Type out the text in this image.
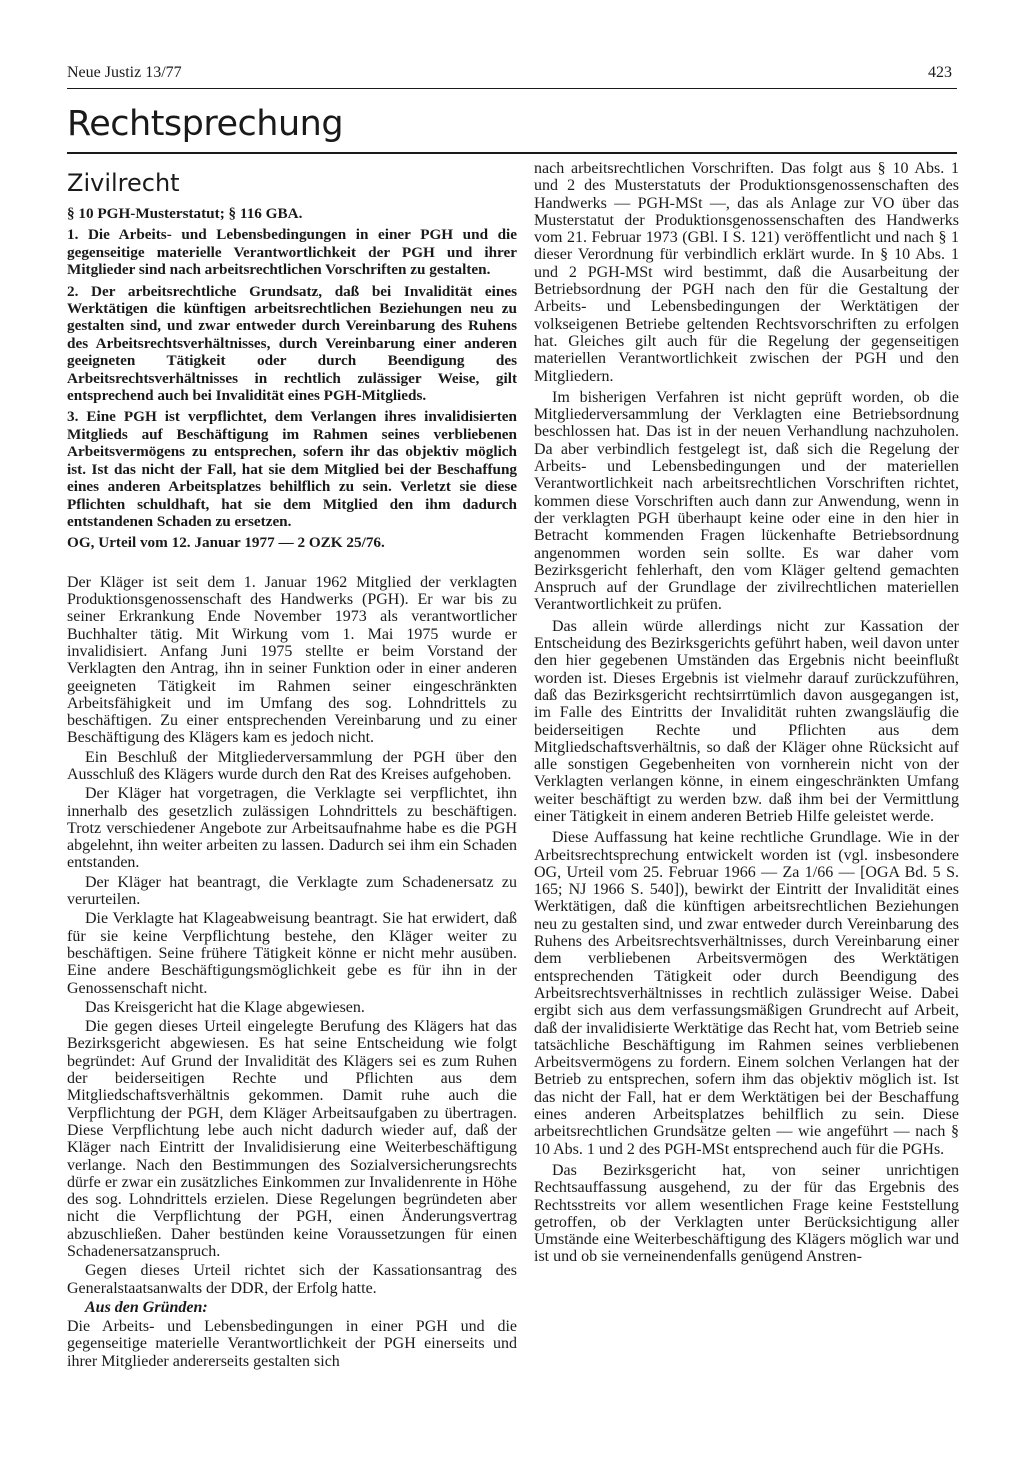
Neue Justiz 13/77	423
Rechtsprechung
Zivilrecht

§ 10 PGH-Musterstatut; § 116 GBA.

1. Die Arbeits- und Lebensbedingungen in einer PGH und die gegenseitige materielle Verantwortlichkeit der PGH und ihrer Mitglieder sind nach arbeitsrechtlichen Vorschriften zu gestalten.

2. Der arbeitsrechtliche Grundsatz, daß bei Invalidität eines Werktätigen die künftigen arbeitsrechtlichen Beziehungen neu zu gestalten sind, und zwar entweder durch Vereinbarung des Ruhens des Arbeitsrechtsverhältnisses, durch Vereinbarung einer anderen geeigneten Tätigkeit oder durch Beendigung des Arbeitsrechtsverhältnisses in rechtlich zulässiger Weise, gilt entsprechend auch bei Invalidität eines PGH-Mitglieds.

3. Eine PGH ist verpflichtet, dem Verlangen ihres invalidisierten Mitglieds auf Beschäftigung im Rahmen seines verbliebenen Arbeitsvermögens zu entsprechen, sofern ihr das objektiv möglich ist. Ist das nicht der Fall, hat sie dem Mitglied bei der Beschaffung eines anderen Arbeitsplatzes behilflich zu sein. Verletzt sie diese Pflichten schuldhaft, hat sie dem Mitglied den ihm dadurch entstandenen Schaden zu ersetzen.

OG, Urteil vom 12. Januar 1977 — 2 OZK 25/76.

Der Kläger ist seit dem 1. Januar 1962 Mitglied der verklagten Produktionsgenossenschaft des Handwerks (PGH). Er war bis zu seiner Erkrankung Ende November 1973 als verantwortlicher Buchhalter tätig. Mit Wirkung vom 1. Mai 1975 wurde er invalidisiert. Anfang Juni 1975 stellte er beim Vorstand der Verklagten den Antrag, ihn in seiner Funktion oder in einer anderen geeigneten Tätigkeit im Rahmen seiner eingeschränkten Arbeitsfähigkeit und im Umfang des sog. Lohndrittels zu beschäftigen. Zu einer entsprechenden Vereinbarung und zu einer Beschäftigung des Klägers kam es jedoch nicht.

Ein Beschluß der Mitgliederversammlung der PGH über den Ausschluß des Klägers wurde durch den Rat des Kreises aufgehoben.

Der Kläger hat vorgetragen, die Verklagte sei verpflichtet, ihn innerhalb des gesetzlich zulässigen Lohndrittels zu beschäftigen. Trotz verschiedener Angebote zur Arbeitsaufnahme habe es die PGH abgelehnt, ihn weiter arbeiten zu lassen. Dadurch sei ihm ein Schaden entstanden.

Der Kläger hat beantragt, die Verklagte zum Schadenersatz zu verurteilen.

Die Verklagte hat Klageabweisung beantragt. Sie hat erwidert, daß für sie keine Verpflichtung bestehe, den Kläger weiter zu beschäftigen. Seine frühere Tätigkeit könne er nicht mehr ausüben. Eine andere Beschäftigungsmöglichkeit gebe es für ihn in der Genossenschaft nicht.

Das Kreisgericht hat die Klage abgewiesen.

Die gegen dieses Urteil eingelegte Berufung des Klägers hat das Bezirksgericht abgewiesen. Es hat seine Entscheidung wie folgt begründet: Auf Grund der Invalidität des Klägers sei es zum Ruhen der beiderseitigen Rechte und Pflichten aus dem Mitgliedschaftsverhältnis gekommen. Damit ruhe auch die Verpflichtung der PGH, dem Kläger Arbeitsaufgaben zu übertragen. Diese Verpflichtung lebe auch nicht dadurch wieder auf, daß der Kläger nach Eintritt der Invalidisierung eine Weiterbeschäftigung verlange. Nach den Bestimmungen des Sozialversicherungsrechts dürfe er zwar ein zusätzliches Einkommen zur Invalidenrente in Höhe des sog. Lohndrittels erzielen. Diese Regelungen begründeten aber nicht die Verpflichtung der PGH, einen Änderungsvertrag abzuschließen. Daher bestünden keine Voraussetzungen für einen Schadenersatzanspruch.

Gegen dieses Urteil richtet sich der Kassationsantrag des Generalstaatsanwalts der DDR, der Erfolg hatte.

Aus den Gründen:

Die Arbeits- und Lebensbedingungen in einer PGH und die gegenseitige materielle Verantwortlichkeit der PGH einerseits und ihrer Mitglieder andererseits gestalten sich

nach arbeitsrechtlichen Vorschriften. Das folgt aus § 10 Abs. 1 und 2 des Musterstatuts der Produktionsgenossenschaften des Handwerks — PGH-MSt —, das als Anlage zur VO über das Musterstatut der Produktionsgenossenschaften des Handwerks vom 21. Februar 1973 (GBl. I S. 121) veröffentlicht und nach § 1 dieser Verordnung für verbindlich erklärt wurde. In § 10 Abs. 1 und 2 PGH-MSt wird bestimmt, daß die Ausarbeitung der Betriebsordnung der PGH nach den für die Gestaltung der Arbeits- und Lebensbedingungen der Werktätigen der volkseigenen Betriebe geltenden Rechtsvorschriften zu erfolgen hat. Gleiches gilt auch für die Regelung der gegenseitigen materiellen Verantwortlichkeit zwischen der PGH und den Mitgliedern.

Im bisherigen Verfahren ist nicht geprüft worden, ob die Mitgliederversammlung der Verklagten eine Betriebsordnung beschlossen hat. Das ist in der neuen Verhandlung nachzuholen. Da aber verbindlich festgelegt ist, daß sich die Regelung der Arbeits- und Lebensbedingungen und der materiellen Verantwortlichkeit nach arbeitsrechtlichen Vorschriften richtet, kommen diese Vorschriften auch dann zur Anwendung, wenn in der verklagten PGH überhaupt keine oder eine in den hier in Betracht kommenden Fragen lückenhafte Betriebsordnung angenommen worden sein sollte. Es war daher vom Bezirksgericht fehlerhaft, den vom Kläger geltend gemachten Anspruch auf der Grundlage der zivilrechtlichen materiellen Verantwortlichkeit zu prüfen.

Das allein würde allerdings nicht zur Kassation der Entscheidung des Bezirksgerichts geführt haben, weil davon unter den hier gegebenen Umständen das Ergebnis nicht beeinflußt worden ist. Dieses Ergebnis ist vielmehr darauf zurückzuführen, daß das Bezirksgericht rechtsirrtümlich davon ausgegangen ist, im Falle des Eintritts der Invalidität ruhten zwangsläufig die beiderseitigen Rechte und Pflichten aus dem Mitgliedschaftsverhältnis, so daß der Kläger ohne Rücksicht auf alle sonstigen Gegebenheiten von vornherein nicht von der Verklagten verlangen könne, in einem eingeschränkten Umfang weiter beschäftigt zu werden bzw. daß ihm bei der Vermittlung einer Tätigkeit in einem anderen Betrieb Hilfe geleistet werde.

Diese Auffassung hat keine rechtliche Grundlage. Wie in der Arbeitsrechtsprechung entwickelt worden ist (vgl. insbesondere OG, Urteil vom 25. Februar 1966 — Za 1/66 — [OGA Bd. 5 S. 165; NJ 1966 S. 540]), bewirkt der Eintritt der Invalidität eines Werktätigen, daß die künftigen arbeitsrechtlichen Beziehungen neu zu gestalten sind, und zwar entweder durch Vereinbarung des Ruhens des Arbeitsrechtsverhältnisses, durch Vereinbarung einer dem verbliebenen Arbeitsvermögen des Werktätigen entsprechenden Tätigkeit oder durch Beendigung des Arbeitsrechtsverhältnisses in rechtlich zulässiger Weise. Dabei ergibt sich aus dem verfassungsmäßigen Grundrecht auf Arbeit, daß der invalidisierte Werktätige das Recht hat, vom Betrieb seine tatsächliche Beschäftigung im Rahmen seines verbliebenen Arbeitsvermögens zu fordern. Einem solchen Verlangen hat der Betrieb zu entsprechen, sofern ihm das objektiv möglich ist. Ist das nicht der Fall, hat er dem Werktätigen bei der Beschaffung eines anderen Arbeitsplatzes behilflich zu sein. Diese arbeitsrechtlichen Grundsätze gelten — wie angeführt — nach § 10 Abs. 1 und 2 des PGH-MSt entsprechend auch für die PGHs.

Das Bezirksgericht hat, von seiner unrichtigen Rechtsauffassung ausgehend, zu der für das Ergebnis des Rechtsstreits vor allem wesentlichen Frage keine Feststellung getroffen, ob der Verklagten unter Berücksichtigung aller Umstände eine Weiterbeschäftigung des Klägers möglich war und ist und ob sie verneinendenfalls genügend Anstren-
